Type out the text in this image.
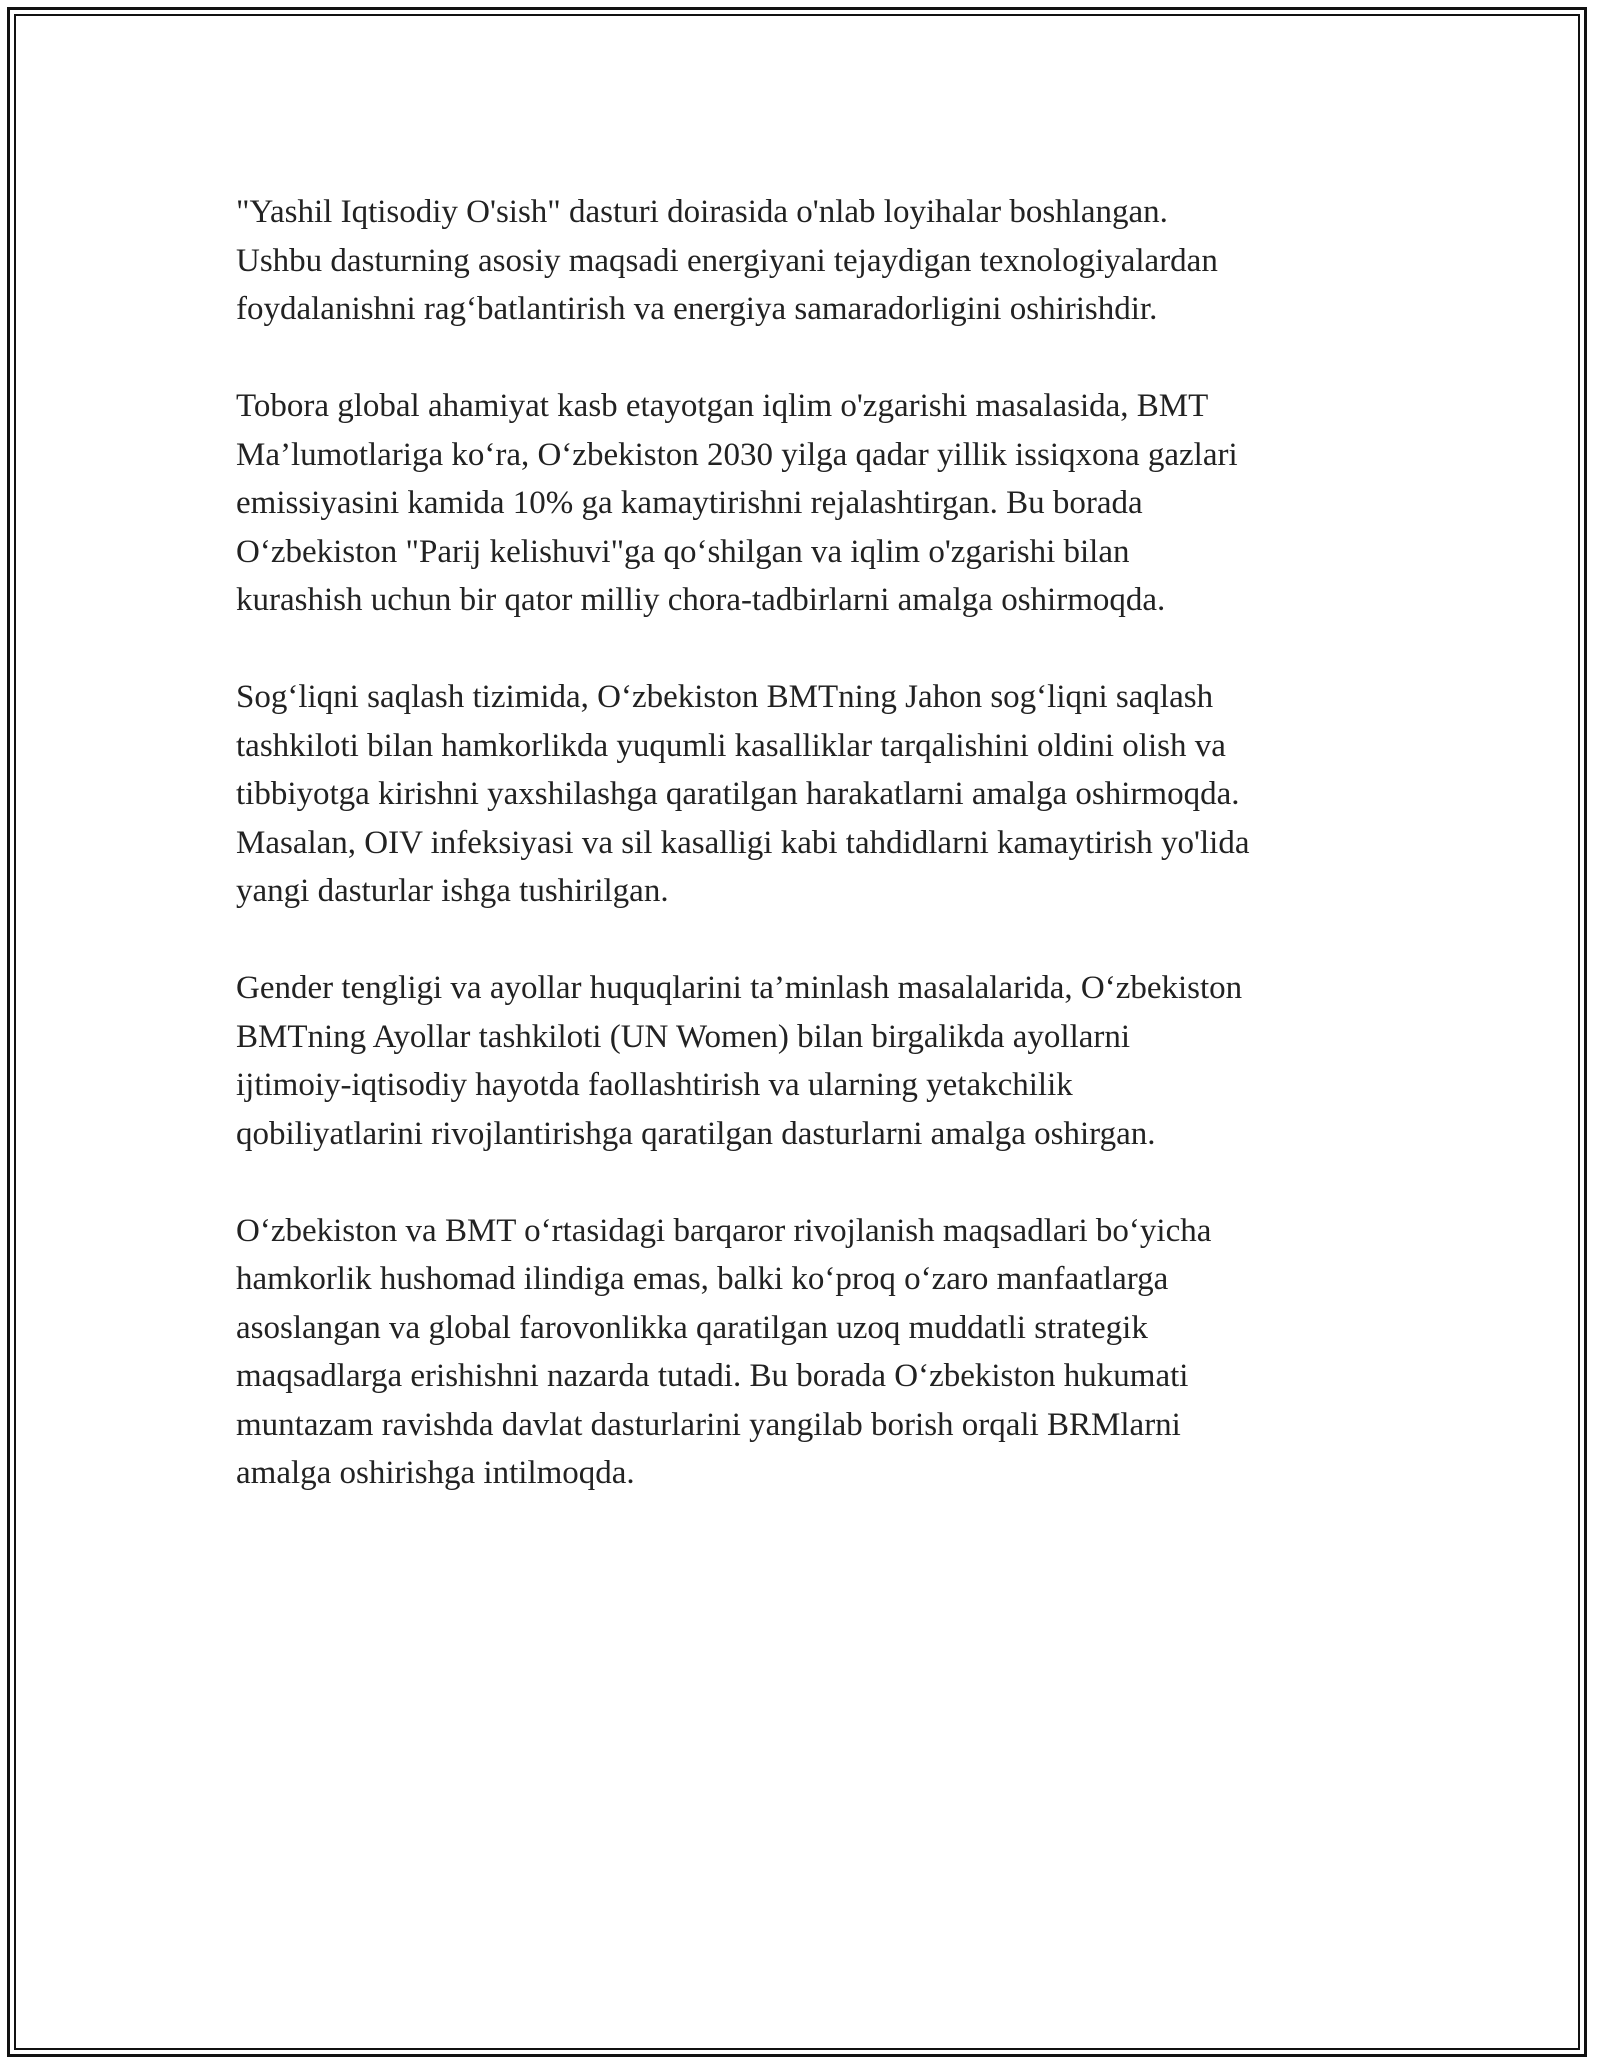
"Yashil Iqtisodiy O'sish" dasturi doirasida o'nlab loyihalar boshlangan.
Ushbu dasturning asosiy maqsadi energiyani tejaydigan texnologiyalardan
foydalanishni rag‘batlantirish va energiya samaradorligini oshirishdir.

Tobora global ahamiyat kasb etayotgan iqlim o'zgarishi masalasida, BMT
Ma’lumotlariga ko‘ra, O‘zbekiston 2030 yilga qadar yillik issiqxona gazlari
emissiyasini kamida 10% ga kamaytirishni rejalashtirgan. Bu borada
O‘zbekiston "Parij kelishuvi"ga qo‘shilgan va iqlim o'zgarishi bilan
kurashish uchun bir qator milliy chora-tadbirlarni amalga oshirmoqda.

Sog‘liqni saqlash tizimida, O‘zbekiston BMTning Jahon sog‘liqni saqlash
tashkiloti bilan hamkorlikda yuqumli kasalliklar tarqalishini oldini olish va
tibbiyotga kirishni yaxshilashga qaratilgan harakatlarni amalga oshirmoqda.
Masalan, OIV infeksiyasi va sil kasalligi kabi tahdidlarni kamaytirish yo'lida
yangi dasturlar ishga tushirilgan.

Gender tengligi va ayollar huquqlarini ta’minlash masalalarida, O‘zbekiston
BMTning Ayollar tashkiloti (UN Women) bilan birgalikda ayollarni
ijtimoiy-iqtisodiy hayotda faollashtirish va ularning yetakchilik
qobiliyatlarini rivojlantirishga qaratilgan dasturlarni amalga oshirgan.

O‘zbekiston va BMT o‘rtasidagi barqaror rivojlanish maqsadlari bo‘yicha
hamkorlik hushomad ilindiga emas, balki ko‘proq o‘zaro manfaatlarga
asoslangan va global farovonlikka qaratilgan uzoq muddatli strategik
maqsadlarga erishishni nazarda tutadi. Bu borada O‘zbekiston hukumati
muntazam ravishda davlat dasturlarini yangilab borish orqali BRMlarni
amalga oshirishga intilmoqda.
